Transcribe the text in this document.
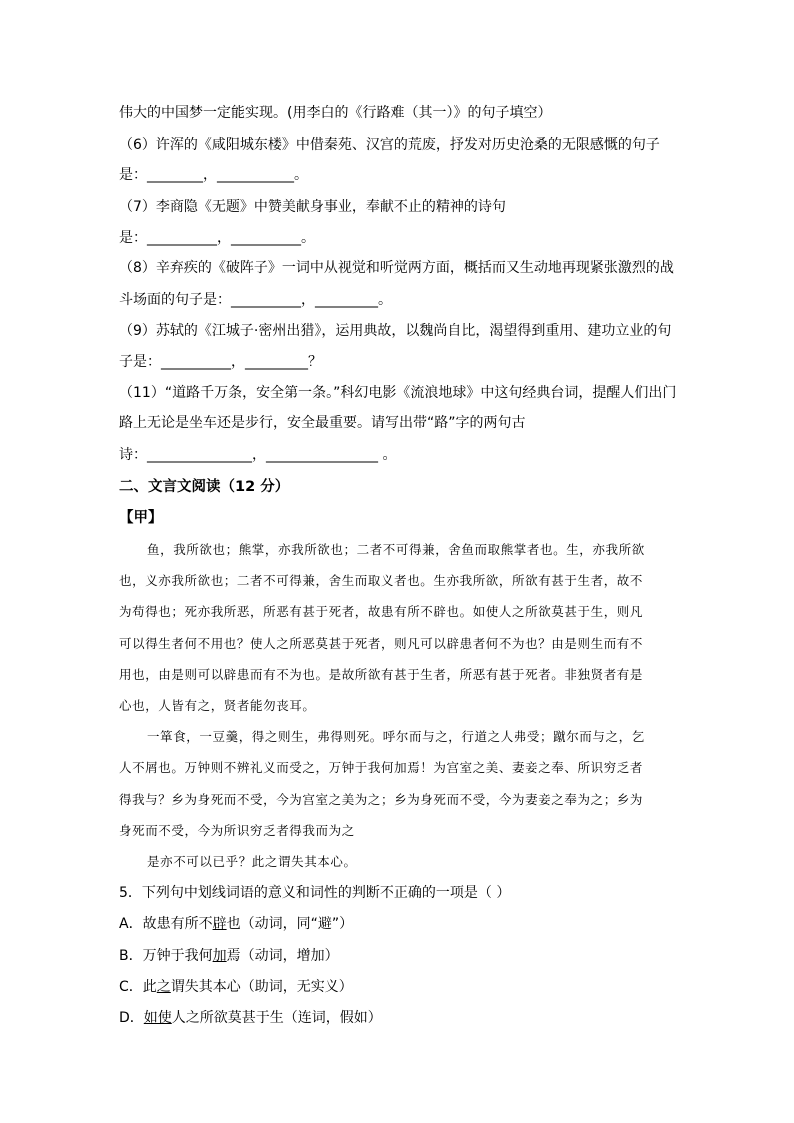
伟大的中国梦一定能实现。(用李白的《行路难（其一）》的句子填空）
（6）许浑的《咸阳城东楼》中借秦苑、汉宫的荒废，抒发对历史沧桑的无限感慨的句子
是：________，___________。
（7）李商隐《无题》中赞美献身事业，奉献不止的精神的诗句
是：__________，__________。
（8）辛弃疾的《破阵子》一词中从视觉和听觉两方面，概括而又生动地再现紧张激烈的战
斗场面的句子是：__________，_________。
（9）苏轼的《江城子·密州出猎》，运用典故，以魏尚自比，渴望得到重用、建功立业的句
子是：__________，_________？
（11）“道路千万条，安全第一条。”科幻电影《流浪地球》中这句经典台词，提醒人们出门
路上无论是坐车还是步行，安全最重要。请写出带“路”字的两句古
诗：_______________，________________ 。
二、文言文阅读（12 分）
【甲】
鱼，我所欲也；熊掌，亦我所欲也；二者不可得兼，舍鱼而取熊掌者也。生，亦我所欲
也，义亦我所欲也；二者不可得兼，舍生而取义者也。生亦我所欲，所欲有甚于生者，故不
为苟得也；死亦我所恶，所恶有甚于死者，故患有所不辟也。如使人之所欲莫甚于生，则凡
可以得生者何不用也？使人之所恶莫甚于死者，则凡可以辟患者何不为也？由是则生而有不
用也，由是则可以辟患而有不为也。是故所欲有甚于生者，所恶有甚于死者。非独贤者有是
心也，人皆有之，贤者能勿丧耳。
一箪食，一豆羹，得之则生，弗得则死。呼尔而与之，行道之人弗受；蹴尔而与之，乞
人不屑也。万钟则不辨礼义而受之，万钟于我何加焉！为宫室之美、妻妾之奉、所识穷乏者
得我与？乡为身死而不受，今为宫室之美为之；乡为身死而不受，今为妻妾之奉为之；乡为
身死而不受，今为所识穷乏者得我而为之
是亦不可以已乎？此之谓失其本心。
5．下列句中划线词语的意义和词性的判断不正确的一项是（ ）
A．故患有所不辟也（动词，同“避”）
B．万钟于我何加焉（动词，增加）
C．此之谓失其本心（助词，无实义）
D．如使人之所欲莫甚于生（连词，假如）
